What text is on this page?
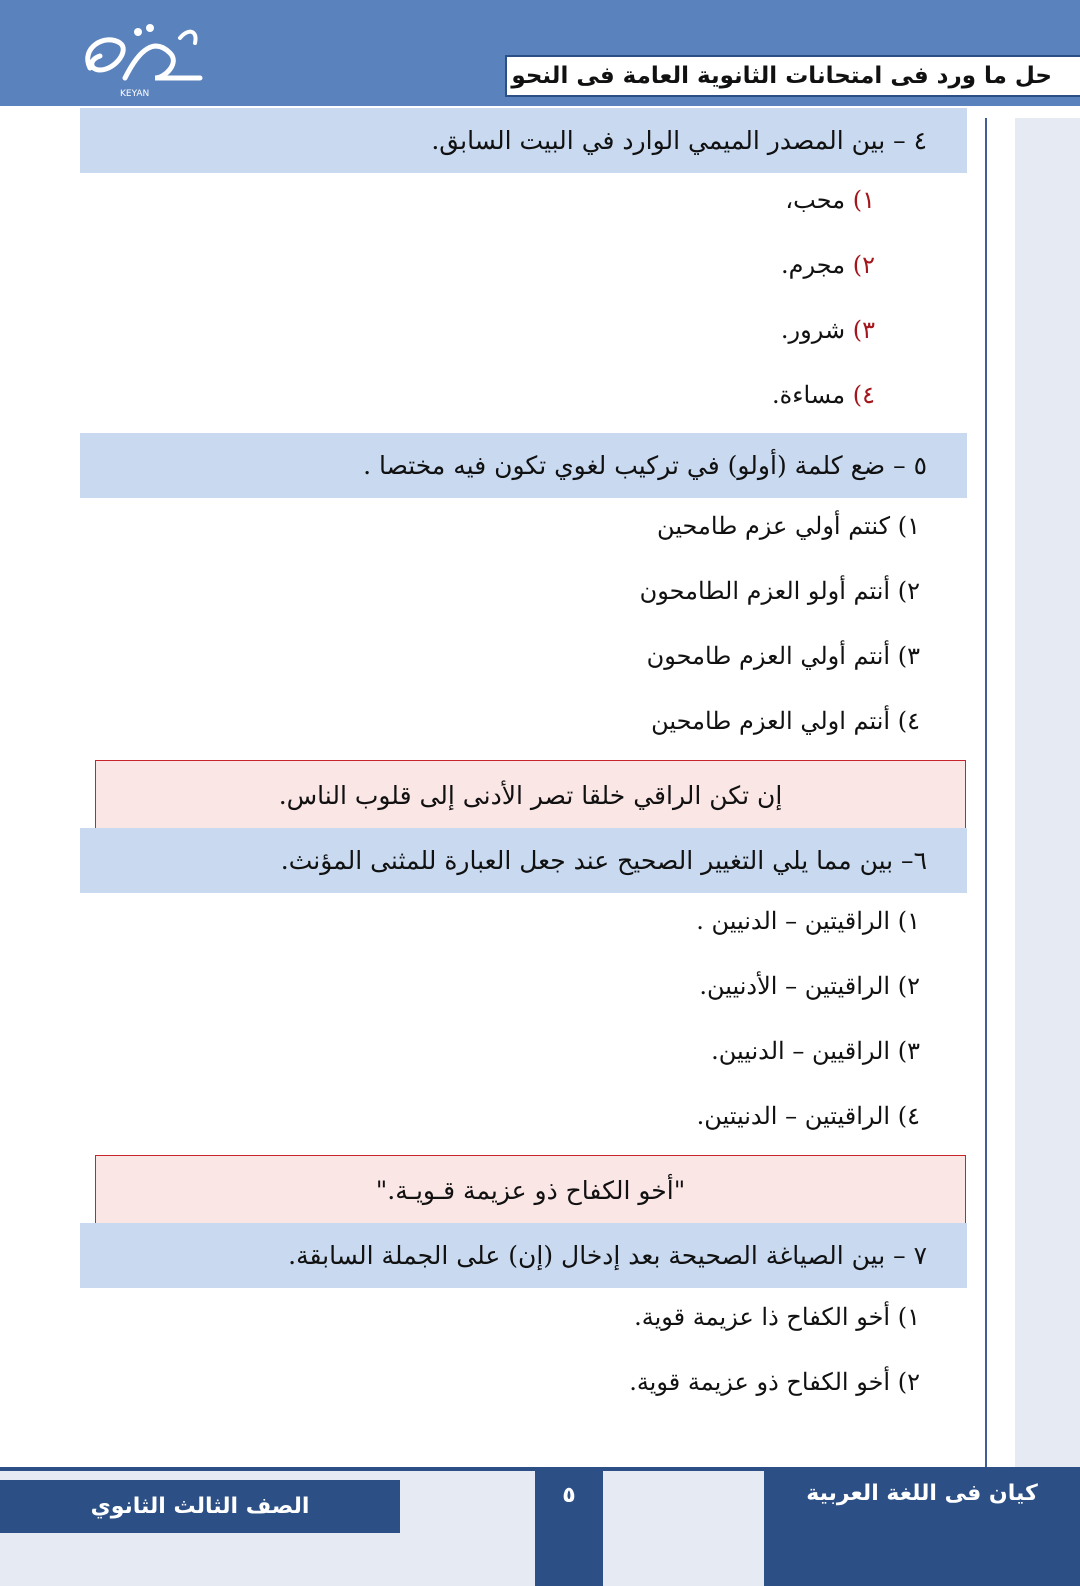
KEYAN
حل ما ورد فى امتحانات الثانوية العامة فى النحو
٤ – بين المصدر الميمي الوارد في البيت السابق.
١) محب،
٢) مجرم.
٣) شرور.
٤) مساءة.
٥ – ضع كلمة (أولو) في تركيب لغوي تكون فيه مختصا .
١) كنتم أولي عزم طامحين
٢) أنتم أولو العزم الطامحون
٣) أنتم أولي العزم طامحون
٤) أنتم اولي العزم طامحين
إن تكن الراقي خلقا تصر الأدنى إلى قلوب الناس.
٦– بين مما يلي التغيير الصحيح عند جعل العبارة للمثنى المؤنث.
١) الراقيتين – الدنيين .
٢) الراقيتين – الأدنيين.
٣) الراقيين – الدنيين.
٤) الراقيتين – الدنيتين.
"أخو الكفاح ذو عزيمة قـويـة."
٧ – بين الصياغة الصحيحة بعد إدخال (إن) على الجملة السابقة.
١) أخو الكفاح ذا عزيمة قوية.
٢) أخو الكفاح ذو عزيمة قوية.
الصف الثالث الثانوي	٥	كيان فى اللغة العربية
